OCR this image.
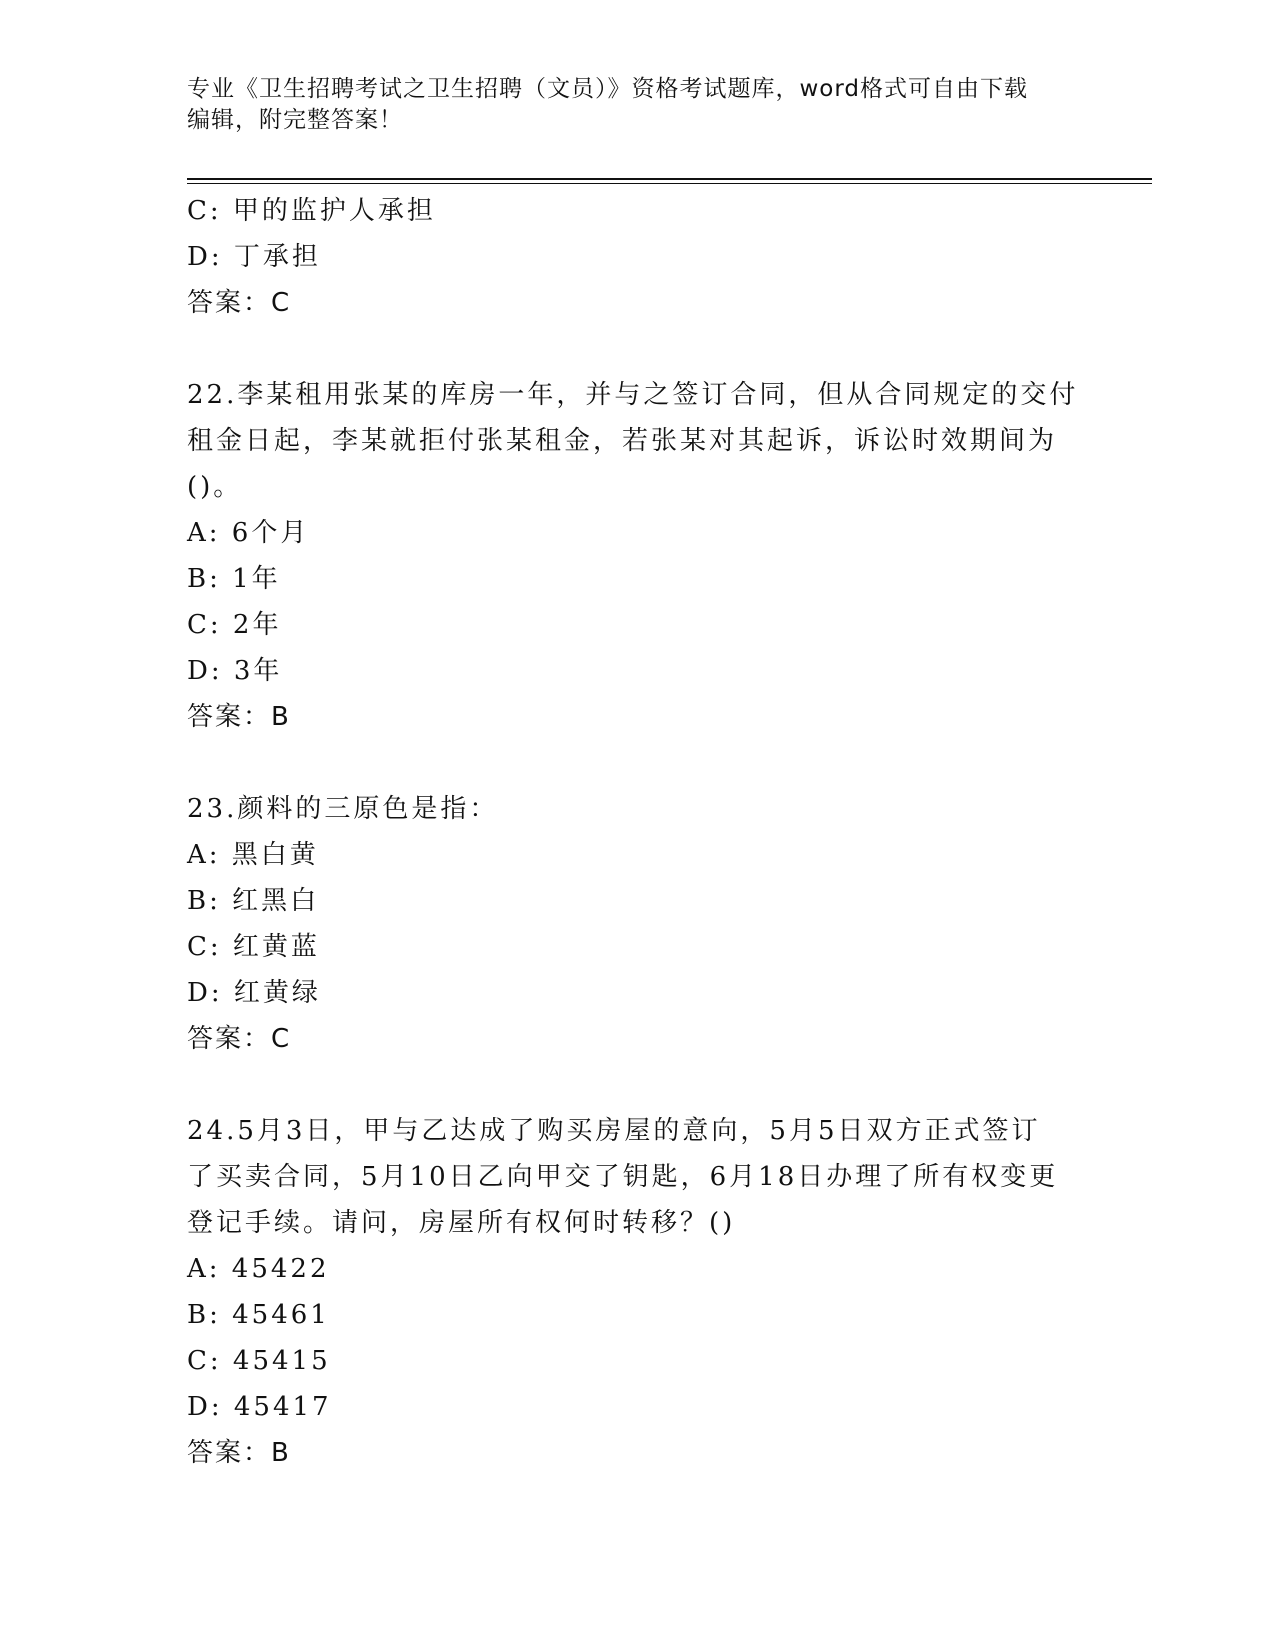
专业《卫生招聘考试之卫生招聘（文员）》资格考试题库，word格式可自由下载
编辑，附完整答案！
C: 甲的监护人承担
D: 丁承担
答案：C
22.李某租用张某的库房一年，并与之签订合同，但从合同规定的交付
租金日起，李某就拒付张某租金，若张某对其起诉，诉讼时效期间为
()。
A: 6个月
B: 1年
C: 2年
D: 3年
答案：B
23.颜料的三原色是指：
A: 黑白黄
B: 红黑白
C: 红黄蓝
D: 红黄绿
答案：C
24.5月3日，甲与乙达成了购买房屋的意向，5月5日双方正式签订
了买卖合同，5月10日乙向甲交了钥匙，6月18日办理了所有权变更
登记手续。请问，房屋所有权何时转移？()
A: 45422
B: 45461
C: 45415
D: 45417
答案：B
